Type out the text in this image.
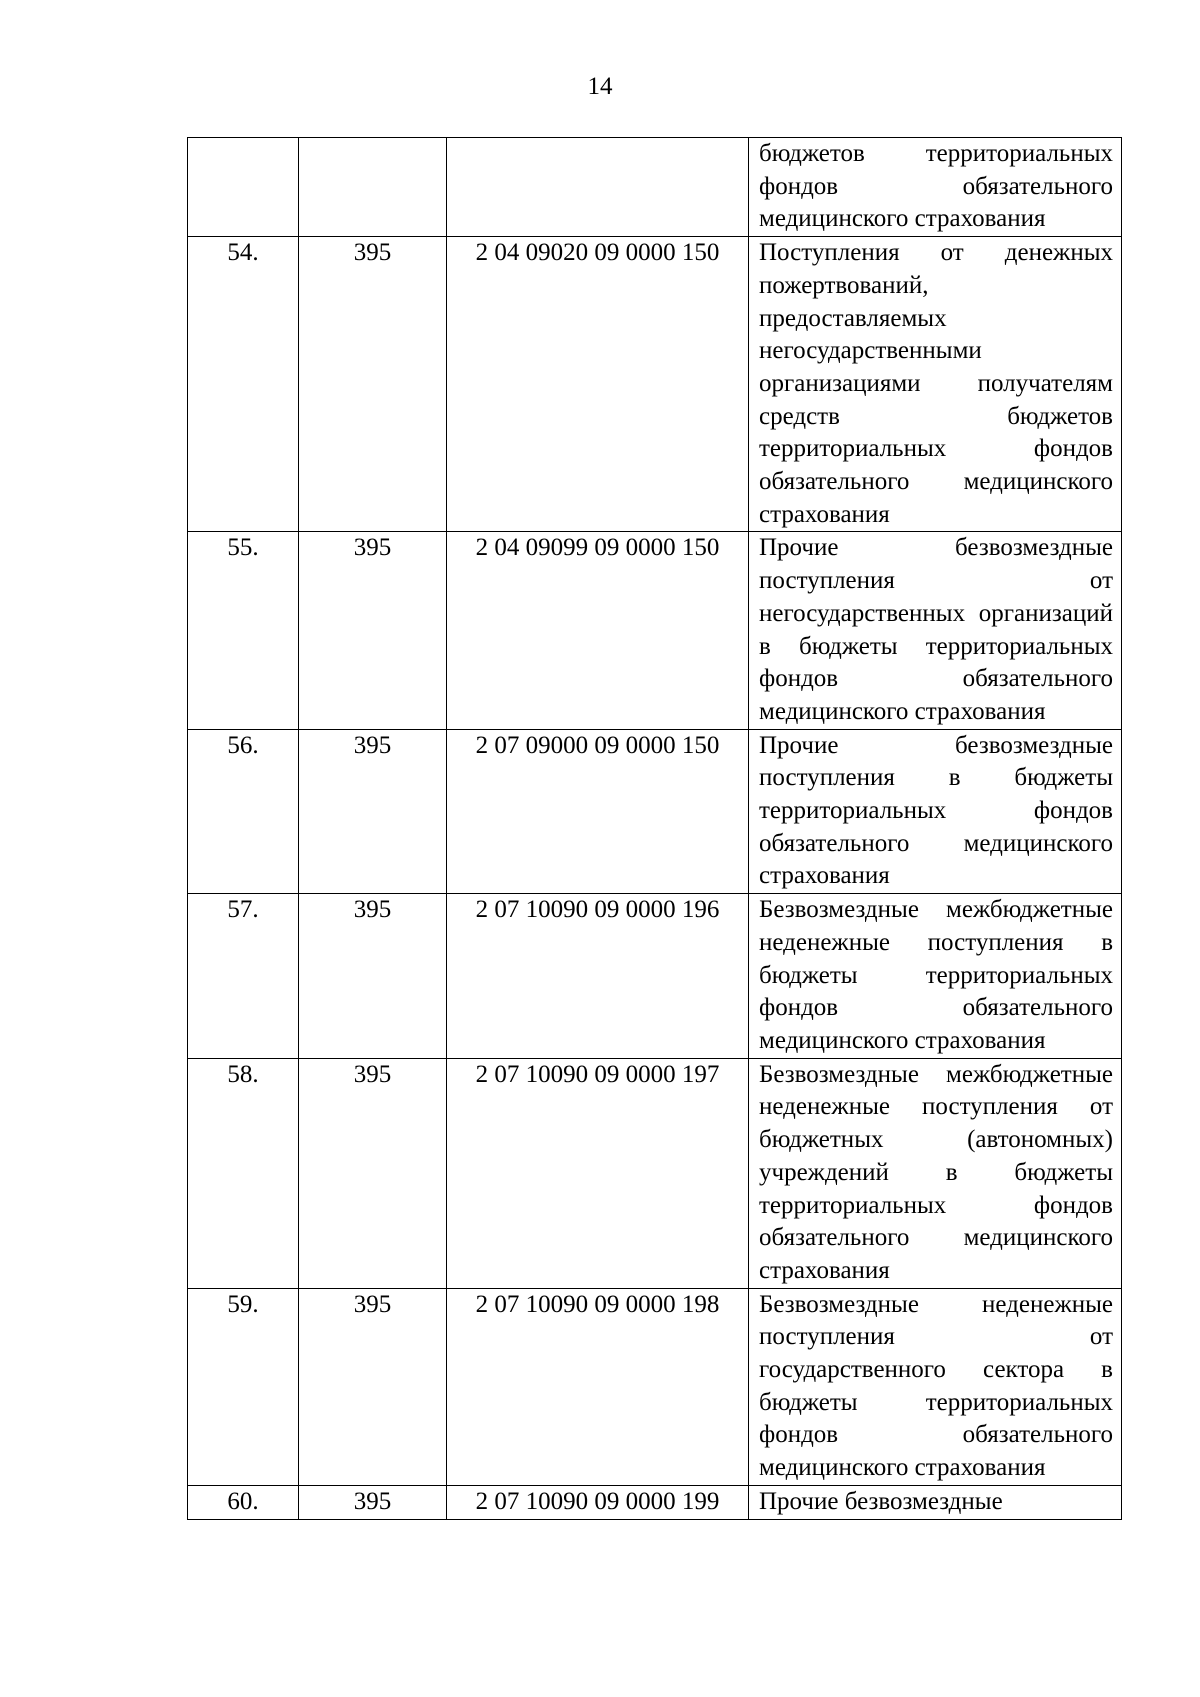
14
			бюджетов территориальных фондов обязательного медицинского страхования
54.	395	2 04 09020 09 0000 150	Поступления от денежных пожертвований, предоставляемых негосударственными организациями получателям средств бюджетов территориальных фондов обязательного медицинского страхования
55.	395	2 04 09099 09 0000 150	Прочие безвозмездные поступления от негосударственных организаций в бюджеты территориальных фондов обязательного медицинского страхования
56.	395	2 07 09000 09 0000 150	Прочие безвозмездные поступления в бюджеты территориальных фондов обязательного медицинского страхования
57.	395	2 07 10090 09 0000 196	Безвозмездные межбюджетные неденежные поступления в бюджеты территориальных фондов обязательного медицинского страхования
58.	395	2 07 10090 09 0000 197	Безвозмездные межбюджетные неденежные поступления от бюджетных (автономных) учреждений в бюджеты территориальных фондов обязательного медицинского страхования
59.	395	2 07 10090 09 0000 198	Безвозмездные неденежные поступления от государственного сектора в бюджеты территориальных фондов обязательного медицинского страхования
60.	395	2 07 10090 09 0000 199	Прочие безвозмездные
